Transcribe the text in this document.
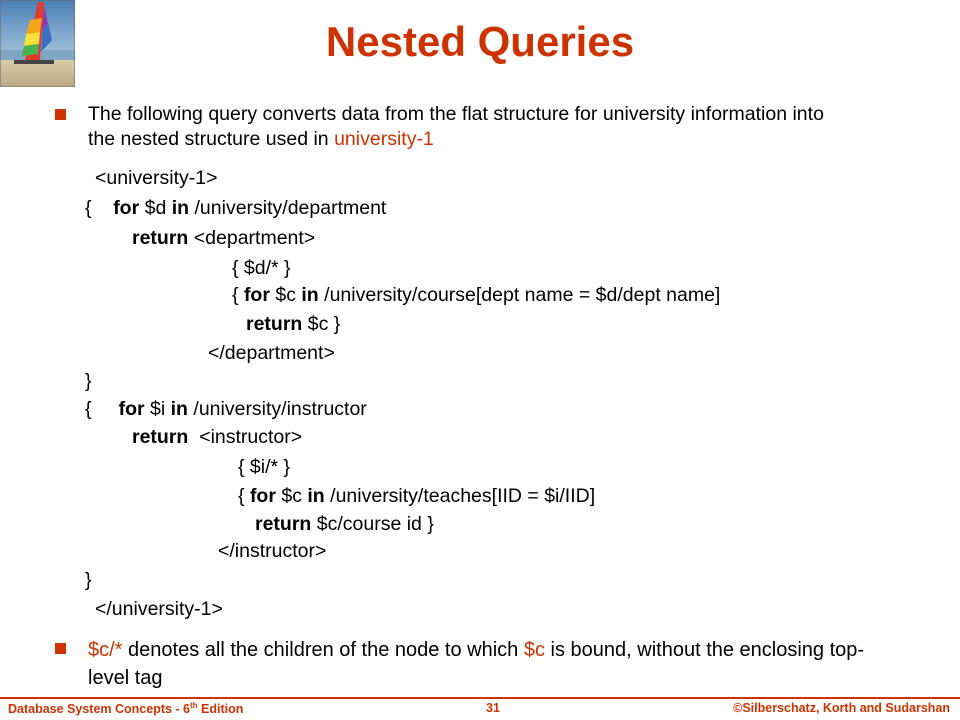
Nested Queries
The following query converts data from the flat structure for university information into the nested structure used in university-1
<university-1>
{ for $d in /university/department
return <department>
{ $d/* }
{ for $c in /university/course[dept name = $d/dept name]
return $c }
</department>
}
{ for $i in /university/instructor
return <instructor>
{ $i/* }
{ for $c in /university/teaches[IID = $i/IID]
return $c/course id }
</instructor>
}
</university-1>
$c/* denotes all the children of the node to which $c is bound, without the enclosing top-level tag
Database System Concepts - 6th Edition	31	©Silberschatz, Korth and Sudarshan
